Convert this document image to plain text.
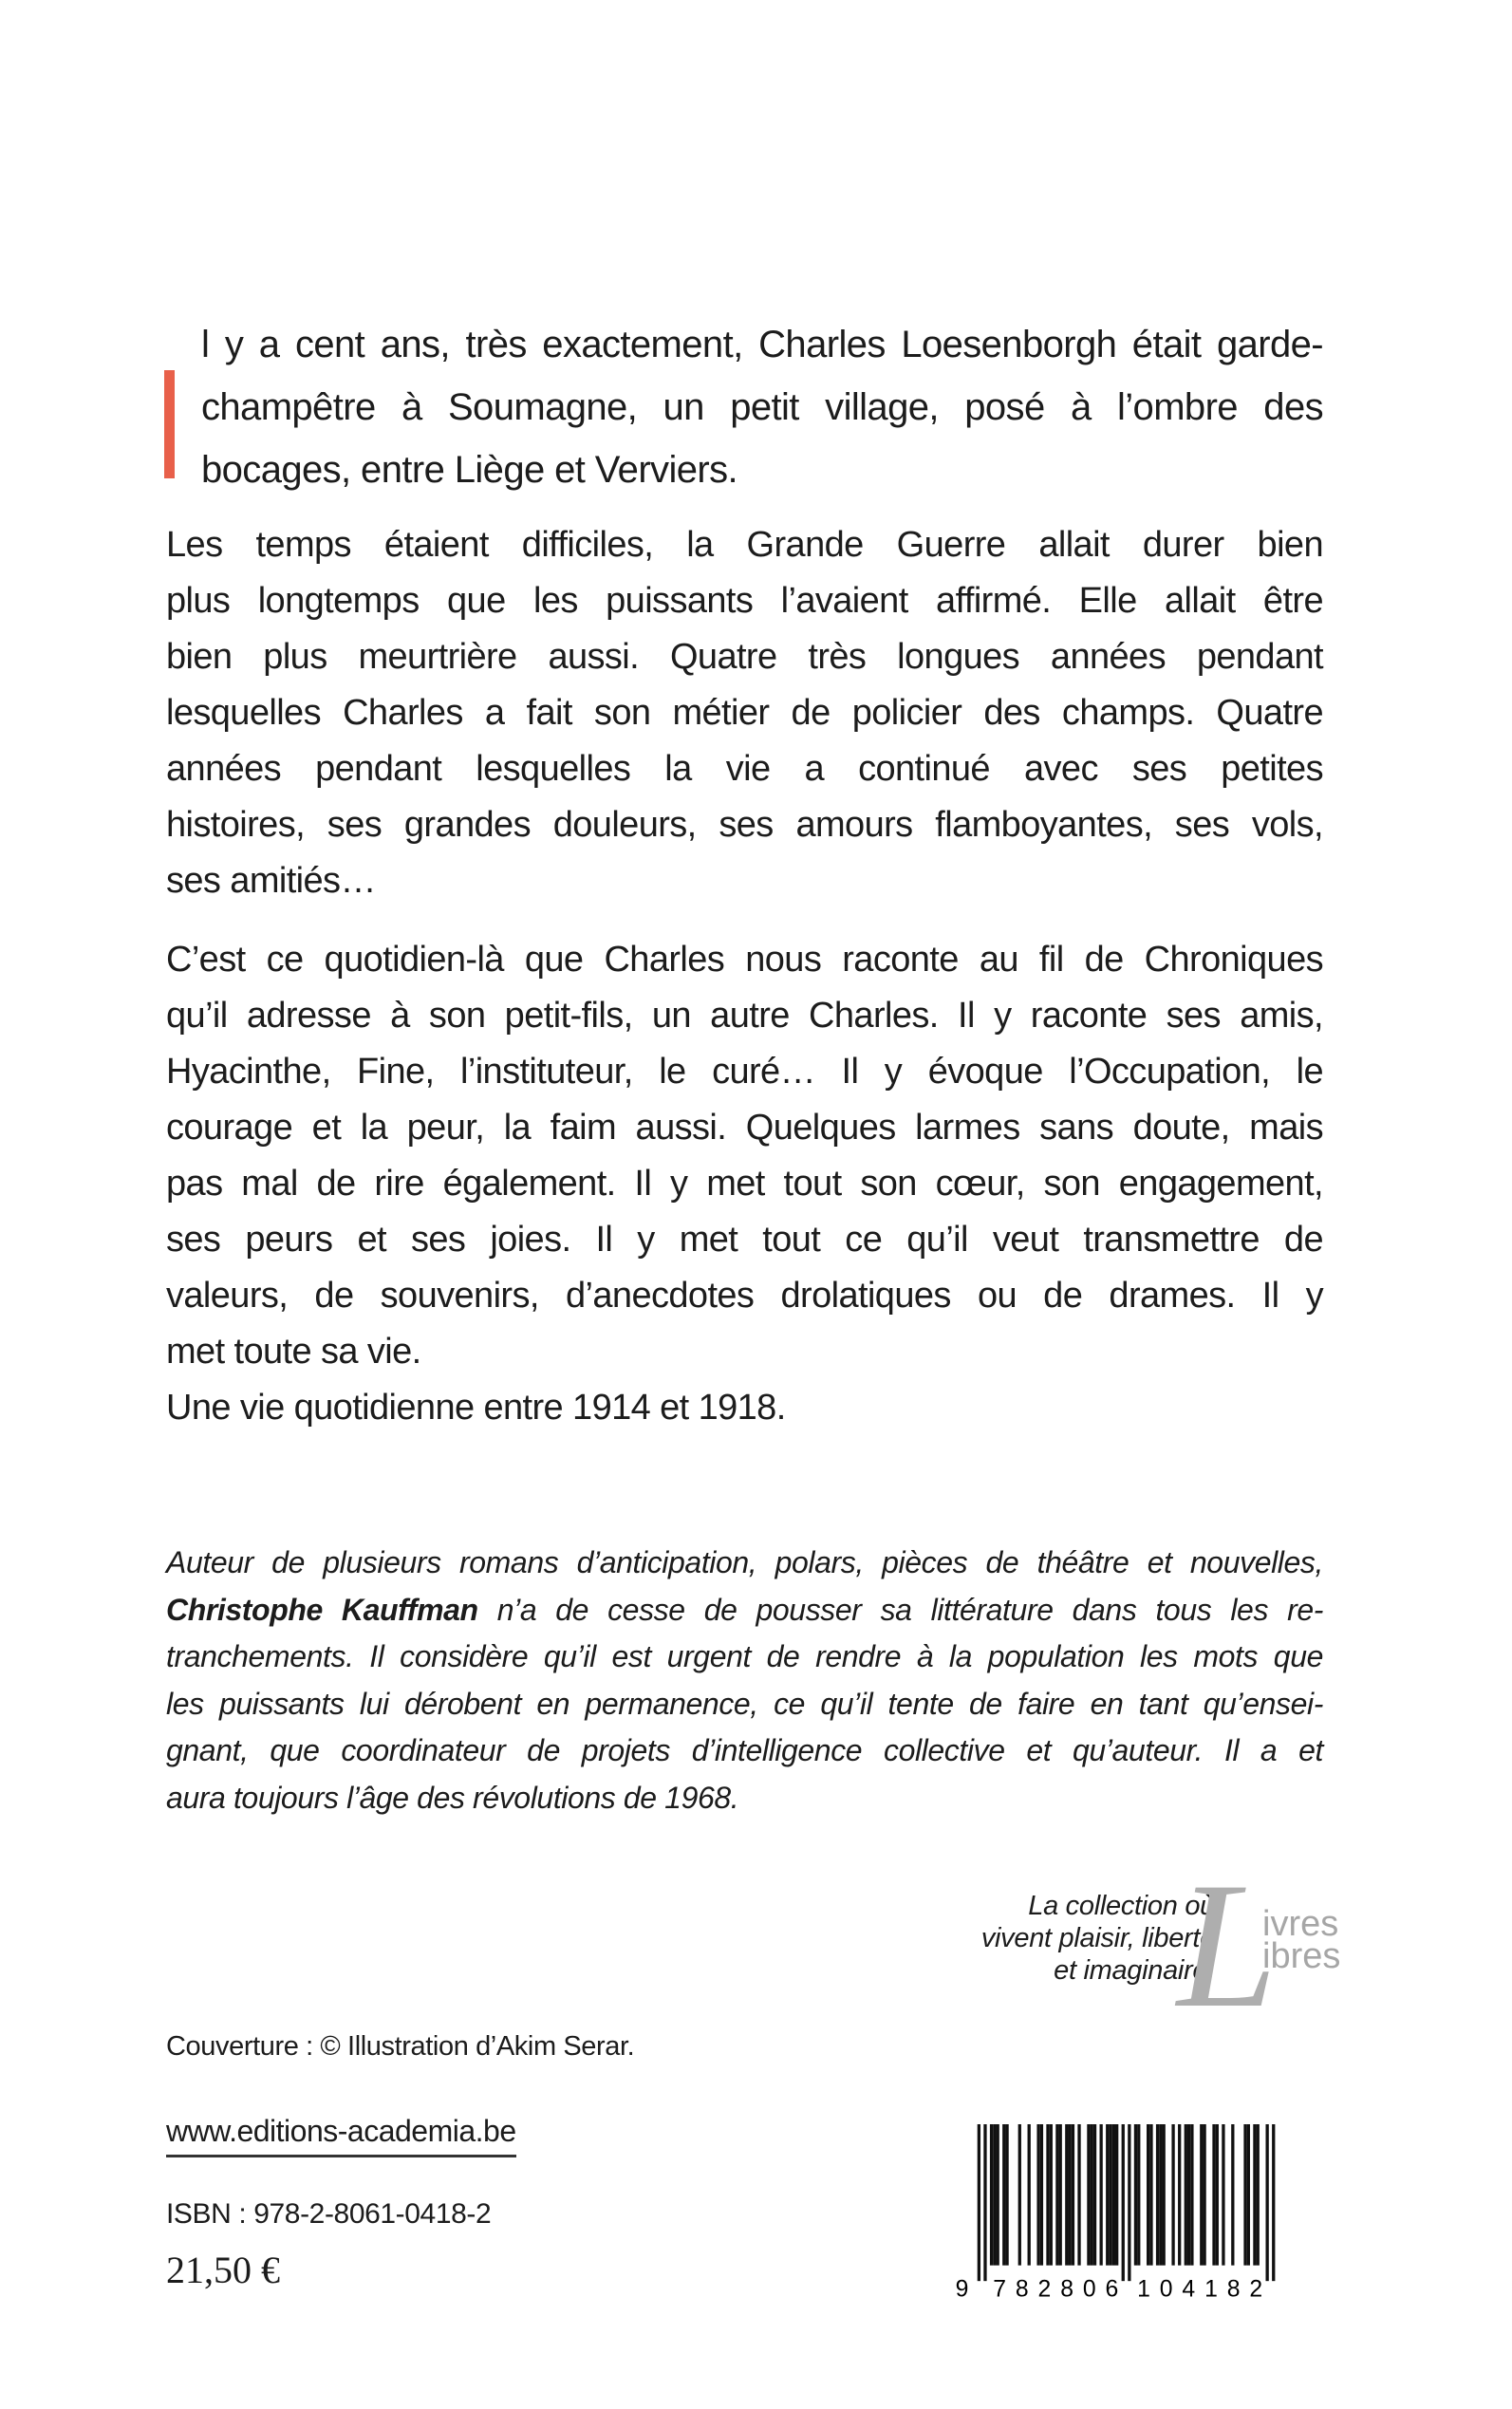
l y a cent ans, très exactement, Charles Loesenborgh était garde-
champêtre à Soumagne, un petit village, posé à l’ombre des
bocages, entre Liège et Verviers.
Les temps étaient difficiles, la Grande Guerre allait durer bien
plus longtemps que les puissants l’avaient affirmé. Elle allait être
bien plus meurtrière aussi. Quatre très longues années pendant
lesquelles Charles a fait son métier de policier des champs. Quatre
années pendant lesquelles la vie a continué avec ses petites
histoires, ses grandes douleurs, ses amours flamboyantes, ses vols,
ses amitiés…
C’est ce quotidien-là que Charles nous raconte au fil de Chroniques
qu’il adresse à son petit-fils, un autre Charles. Il y raconte ses amis,
Hyacinthe, Fine, l’instituteur, le curé… Il y évoque l’Occupation, le
courage et la peur, la faim aussi. Quelques larmes sans doute, mais
pas mal de rire également. Il y met tout son cœur, son engagement,
ses peurs et ses joies. Il y met tout ce qu’il veut transmettre de
valeurs, de souvenirs, d’anecdotes drolatiques ou de drames. Il y
met toute sa vie.
Une vie quotidienne entre 1914 et 1918.
Auteur de plusieurs romans d’anticipation, polars, pièces de théâtre et nouvelles,
Christophe Kauffman n’a de cesse de pousser sa littérature dans tous les re-
tranchements. Il considère qu’il est urgent de rendre à la population les mots que
les puissants lui dérobent en permanence, ce qu’il tente de faire en tant qu’ensei-
gnant, que coordinateur de projets d’intelligence collective et qu’auteur. Il a et
aura toujours l’âge des révolutions de 1968.
La collection où
vivent plaisir, liberté
et imaginaire.
L
ivres
ibres
Couverture : © Illustration d’Akim Serar.
www.editions-academia.be
ISBN : 978-2-8061-0418-2
21,50 €	9	782806	104182
